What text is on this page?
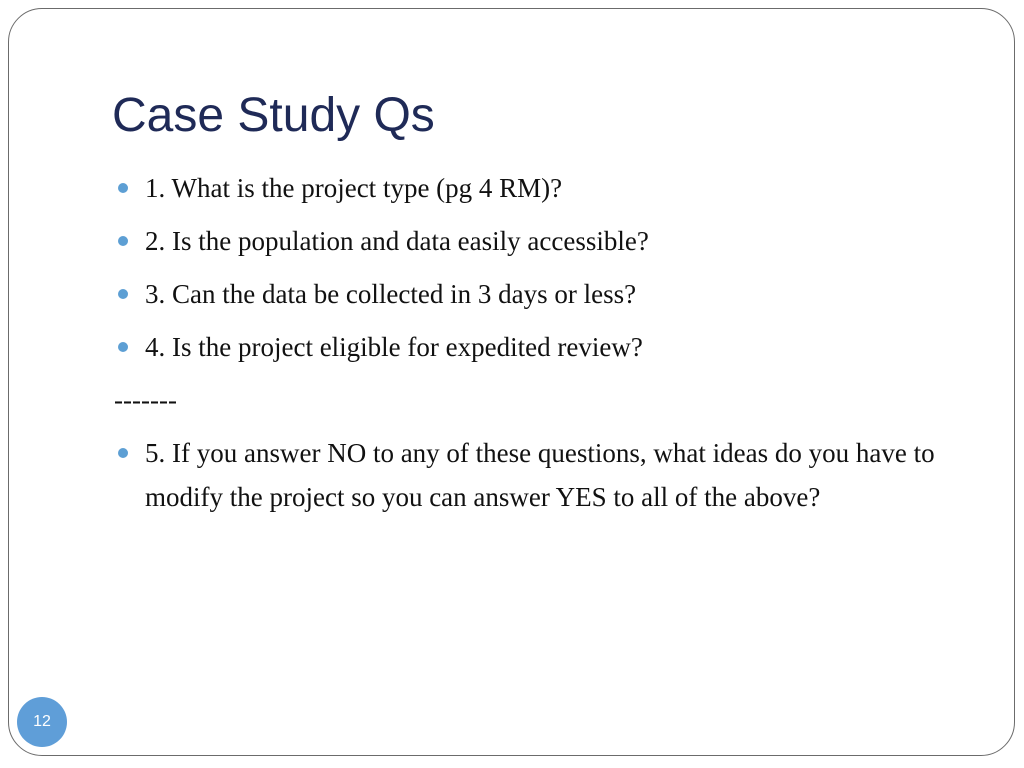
Case Study Qs
1. What is the project type (pg 4 RM)?
2. Is the population and data easily accessible?
3. Can the data be collected in 3 days or less?
4. Is the project eligible for expedited review?
-------
5. If you answer NO to any of these questions, what ideas do you have to modify the project so you can answer YES to all of the above?
12
